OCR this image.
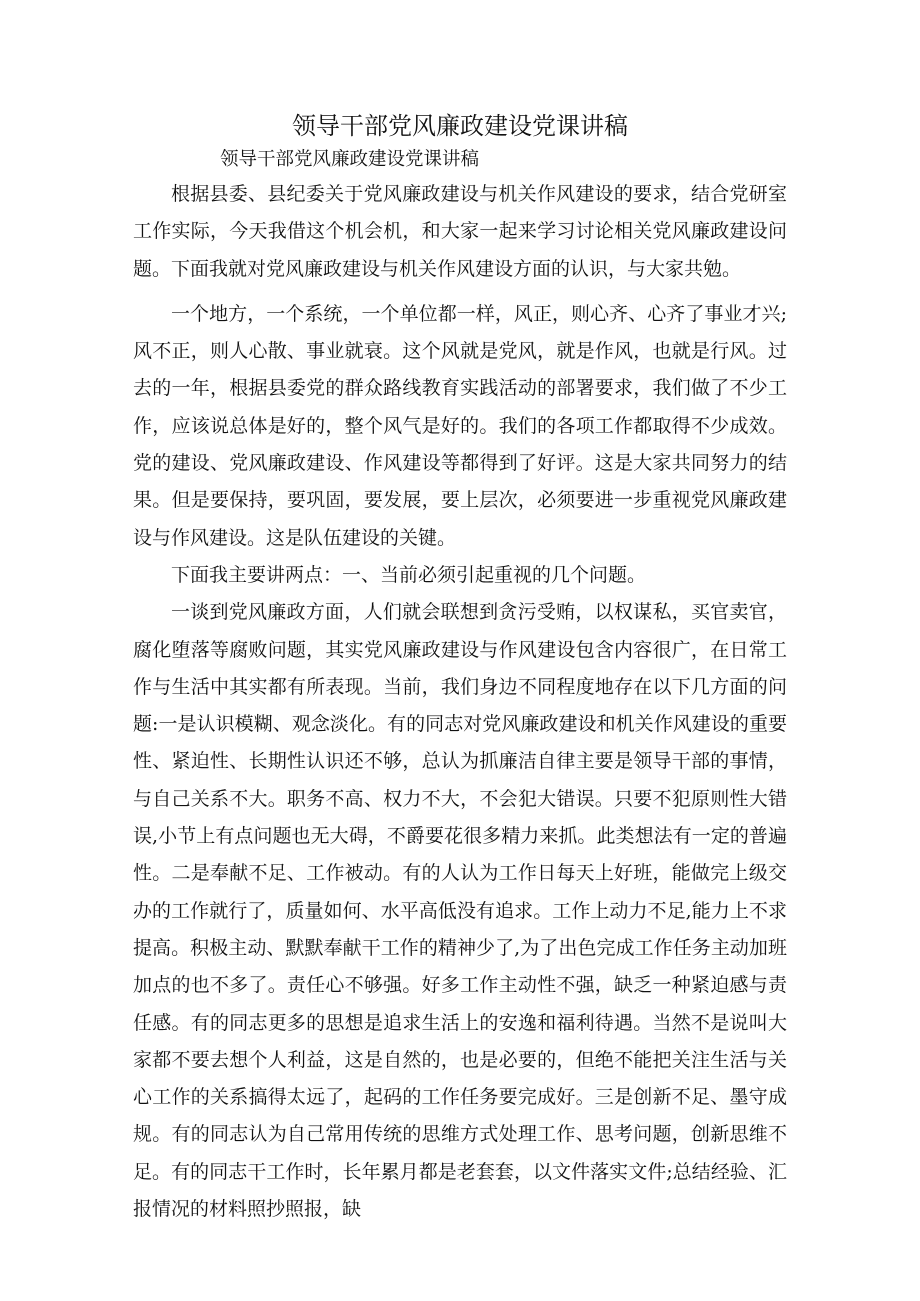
领导干部党风廉政建设党课讲稿
领导干部党风廉政建设党课讲稿

根据县委、县纪委关于党风廉政建设与机关作风建设的要求，结合党研室工作实际，今天我借这个机会机，和大家一起来学习讨论相关党风廉政建设问题。下面我就对党风廉政建设与机关作风建设方面的认识，与大家共勉。

一个地方，一个系统，一个单位都一样，风正，则心齐、心齐了事业才兴;风不正，则人心散、事业就衰。这个风就是党风，就是作风，也就是行风。过去的一年，根据县委党的群众路线教育实践活动的部署要求，我们做了不少工作，应该说总体是好的，整个风气是好的。我们的各项工作都取得不少成效。党的建设、党风廉政建设、作风建设等都得到了好评。这是大家共同努力的结果。但是要保持，要巩固，要发展，要上层次，必须要进一步重视党风廉政建设与作风建设。这是队伍建设的关键。

下面我主要讲两点：一、当前必须引起重视的几个问题。

一谈到党风廉政方面，人们就会联想到贪污受贿，以权谋私，买官卖官，腐化堕落等腐败问题，其实党风廉政建设与作风建设包含内容很广，在日常工作与生活中其实都有所表现。当前，我们身边不同程度地存在以下几方面的问题:一是认识模糊、观念淡化。有的同志对党风廉政建设和机关作风建设的重要性、紧迫性、长期性认识还不够，总认为抓廉洁自律主要是领导干部的事情，与自己关系不大。职务不高、权力不大，不会犯大错误。只要不犯原则性大错误,小节上有点问题也无大碍，不爵要花很多精力来抓。此类想法有一定的普遍性。二是奉献不足、工作被动。有的人认为工作日每天上好班，能做完上级交办的工作就行了，质量如何、水平高低没有追求。工作上动力不足,能力上不求提高。积极主动、默默奉献干工作的精神少了,为了出色完成工作任务主动加班加点的也不多了。责任心不够强。好多工作主动性不强，缺乏一种紧迫感与责任感。有的同志更多的思想是追求生活上的安逸和福利待遇。当然不是说叫大家都不要去想个人利益，这是自然的，也是必要的，但绝不能把关注生活与关心工作的关系搞得太远了，起码的工作任务要完成好。三是创新不足、墨守成规。有的同志认为自己常用传统的思维方式处理工作、思考问题，创新思维不足。有的同志干工作时，长年累月都是老套套，以文件落实文件;总结经验、汇报情况的材料照抄照报，缺
